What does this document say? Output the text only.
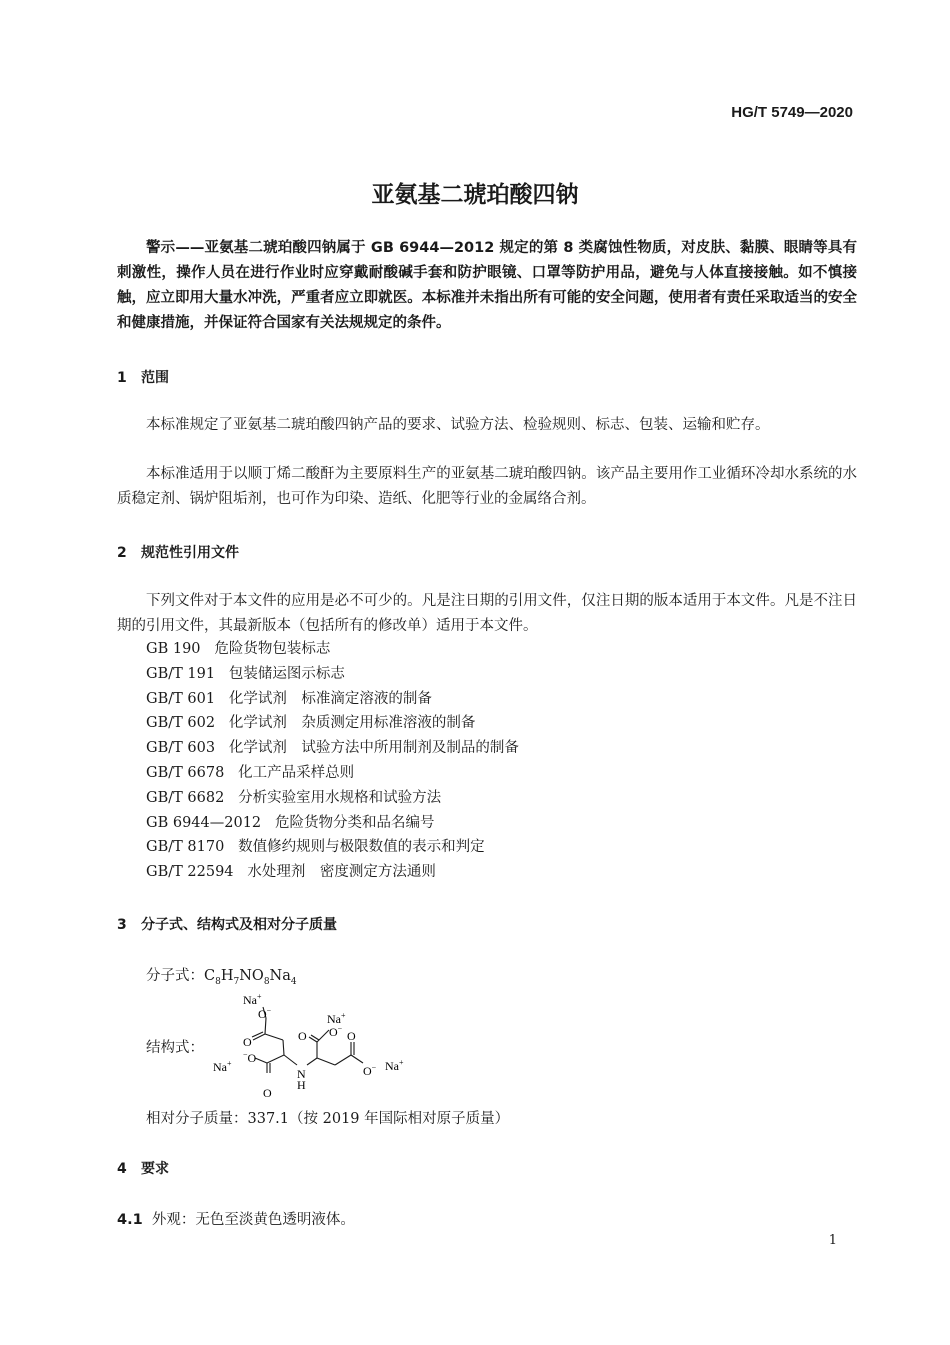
HG/T 5749—2020
亚氨基二琥珀酸四钠
警示——亚氨基二琥珀酸四钠属于 GB 6944—2012 规定的第 8 类腐蚀性物质，对皮肤、黏膜、眼睛等具有刺激性，操作人员在进行作业时应穿戴耐酸碱手套和防护眼镜、口罩等防护用品，避免与人体直接接触。如不慎接触，应立即用大量水冲洗，严重者应立即就医。本标准并未指出所有可能的安全问题，使用者有责任采取适当的安全和健康措施，并保证符合国家有关法规规定的条件。
1 范围
本标准规定了亚氨基二琥珀酸四钠产品的要求、试验方法、检验规则、标志、包装、运输和贮存。
本标准适用于以顺丁烯二酸酐为主要原料生产的亚氨基二琥珀酸四钠。该产品主要用作工业循环冷却水系统的水质稳定剂、锅炉阻垢剂，也可作为印染、造纸、化肥等行业的金属络合剂。
2 规范性引用文件
下列文件对于本文件的应用是必不可少的。凡是注日期的引用文件，仅注日期的版本适用于本文件。凡是不注日期的引用文件，其最新版本（包括所有的修改单）适用于本文件。
GB 190 危险货物包装标志
GB/T 191 包装储运图示标志
GB/T 601 化学试剂　标准滴定溶液的制备
GB/T 602 化学试剂　杂质测定用标准溶液的制备
GB/T 603 化学试剂　试验方法中所用制剂及制品的制备
GB/T 6678 化工产品采样总则
GB/T 6682 分析实验室用水规格和试验方法
GB 6944—2012 危险货物分类和品名编号
GB/T 8170 数值修约规则与极限数值的表示和判定
GB/T 22594 水处理剂　密度测定方法通则
3 分子式、结构式及相对分子质量
分子式：$C_8H_7NO_8Na_4$
结构式：
Na+
O−
O
Na+
O O−
Na+
−O
N
H
O
O
O− Na+
相对分子质量：337.1（按 2019 年国际相对原子质量）
4 要求
4.1 外观：无色至淡黄色透明液体。
1
